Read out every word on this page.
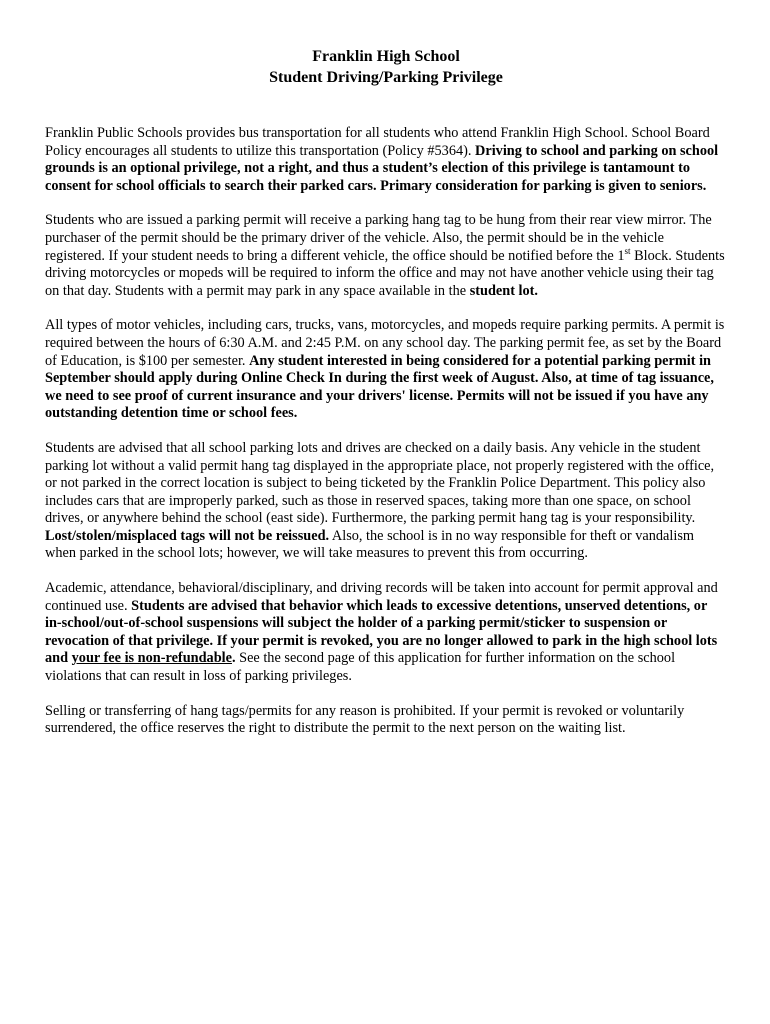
Franklin High School
Student Driving/Parking Privilege

Franklin Public Schools provides bus transportation for all students who attend Franklin High School. School Board Policy encourages all students to utilize this transportation (Policy #5364). Driving to school and parking on school grounds is an optional privilege, not a right, and thus a student’s election of this privilege is tantamount to consent for school officials to search their parked cars. Primary consideration for parking is given to seniors.

Students who are issued a parking permit will receive a parking hang tag to be hung from their rear view mirror. The purchaser of the permit should be the primary driver of the vehicle. Also, the permit should be in the vehicle registered. If your student needs to bring a different vehicle, the office should be notified before the 1st Block. Students driving motorcycles or mopeds will be required to inform the office and may not have another vehicle using their tag on that day. Students with a permit may park in any space available in the student lot.

All types of motor vehicles, including cars, trucks, vans, motorcycles, and mopeds require parking permits. A permit is required between the hours of 6:30 A.M. and 2:45 P.M. on any school day. The parking permit fee, as set by the Board of Education, is $100 per semester. Any student interested in being considered for a potential parking permit in September should apply during Online Check In during the first week of August. Also, at time of tag issuance, we need to see proof of current insurance and your drivers' license. Permits will not be issued if you have any outstanding detention time or school fees.

Students are advised that all school parking lots and drives are checked on a daily basis. Any vehicle in the student parking lot without a valid permit hang tag displayed in the appropriate place, not properly registered with the office, or not parked in the correct location is subject to being ticketed by the Franklin Police Department. This policy also includes cars that are improperly parked, such as those in reserved spaces, taking more than one space, on school drives, or anywhere behind the school (east side). Furthermore, the parking permit hang tag is your responsibility. Lost/stolen/misplaced tags will not be reissued. Also, the school is in no way responsible for theft or vandalism when parked in the school lots; however, we will take measures to prevent this from occurring.

Academic, attendance, behavioral/disciplinary, and driving records will be taken into account for permit approval and continued use. Students are advised that behavior which leads to excessive detentions, unserved detentions, or in-school/out-of-school suspensions will subject the holder of a parking permit/sticker to suspension or revocation of that privilege. If your permit is revoked, you are no longer allowed to park in the high school lots and your fee is non-refundable. See the second page of this application for further information on the school violations that can result in loss of parking privileges.

Selling or transferring of hang tags/permits for any reason is prohibited. If your permit is revoked or voluntarily surrendered, the office reserves the right to distribute the permit to the next person on the waiting list.
